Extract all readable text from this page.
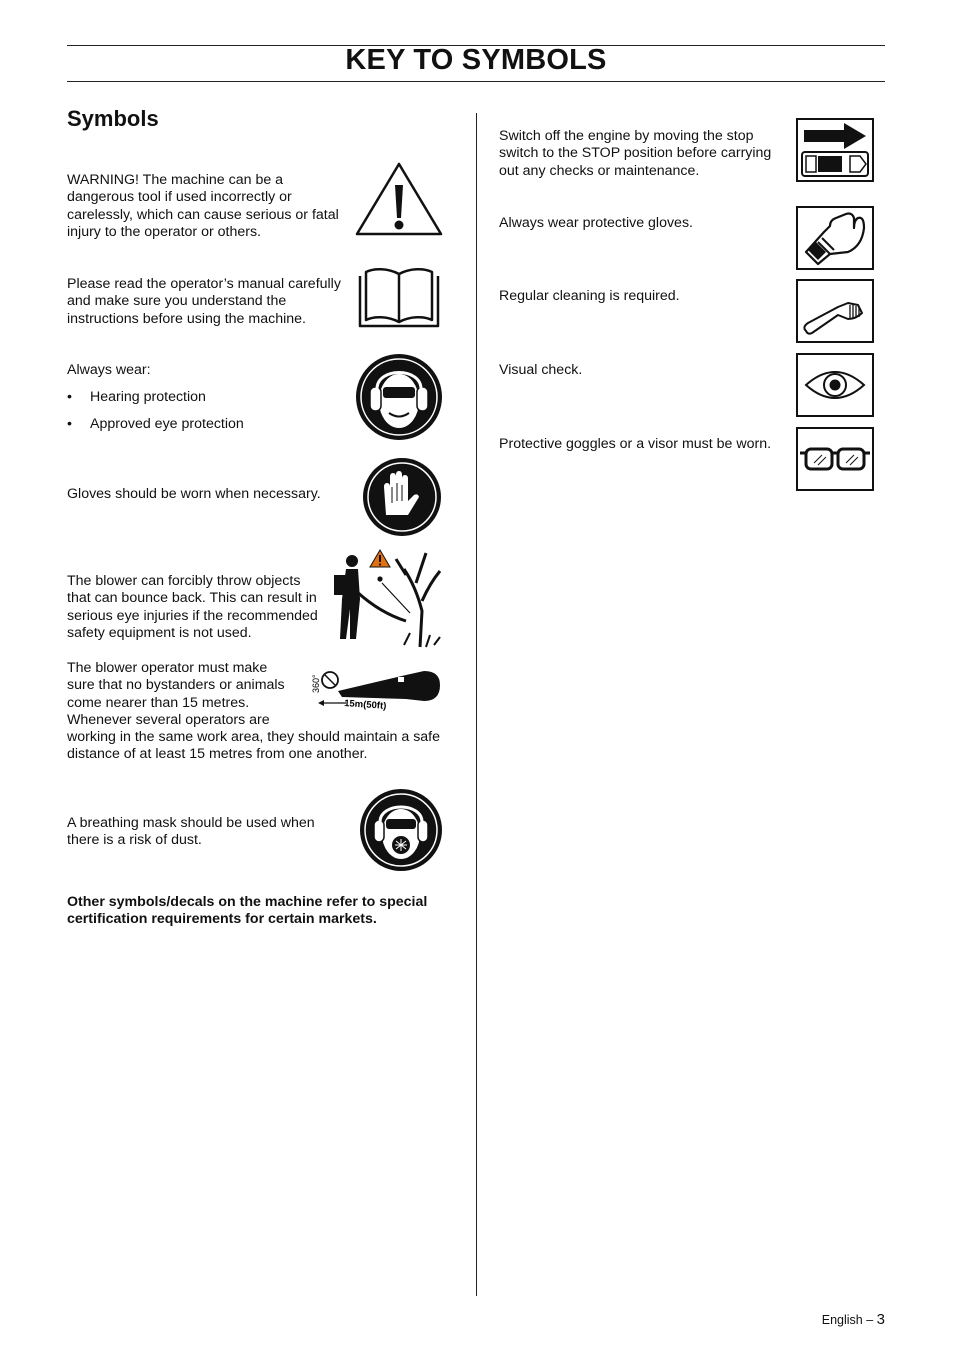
KEY TO SYMBOLS
Symbols
WARNING! The machine can be a dangerous tool if used incorrectly or carelessly, which can cause serious or fatal injury to the operator or others.
Please read the operator’s manual carefully and make sure you understand the instructions before using the machine.
Always wear:
• Hearing protection
• Approved eye protection
Gloves should be worn when necessary.
The blower can forcibly throw objects that can bounce back. This can result in serious eye injuries if the recommended safety equipment is not used.
The blower operator must make sure that no bystanders or animals come nearer than 15 metres. Whenever several operators are
working in the same work area, they should maintain a safe distance of at least 15 metres from one another.
360°
15m(50ft)
A breathing mask should be used when there is a risk of dust.
Other symbols/decals on the machine refer to special certification requirements for certain markets.
Switch off the engine by moving the stop switch to the STOP position before carrying out any checks or maintenance.
Always wear protective gloves.
Regular cleaning is required.
Visual check.
Protective goggles or a visor must be worn.
English – 3
